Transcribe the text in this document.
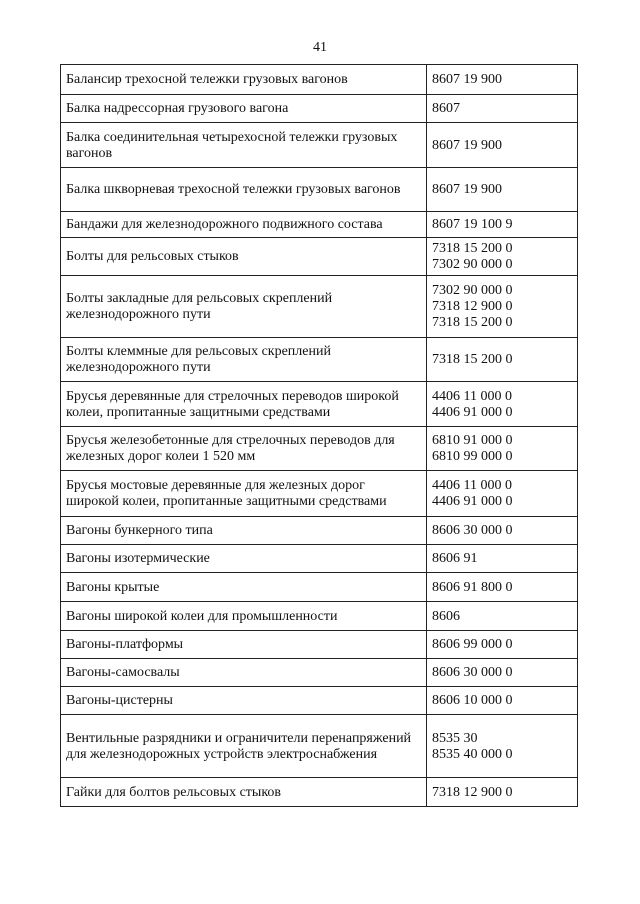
41
Балансир трехосной тележки грузовых вагонов	8607 19 900

Балка надрессорная грузового вагона	8607

Балка соединительная четырехосной тележки грузовых вагонов	8607 19 900

Балка шкворневая трехосной тележки грузовых вагонов	8607 19 900

Бандажи для железнодорожного подвижного состава	8607 19 100 9

Болты для рельсовых стыков	7318 15 200 0
7302 90 000 0

Болты закладные для рельсовых скреплений железнодорожного пути	7302 90 000 0
7318 12 900 0
7318 15 200 0

Болты клеммные для рельсовых скреплений железнодорожного пути	7318 15 200 0

Брусья деревянные для стрелочных переводов широкой колеи, пропитанные защитными средствами	4406 11 000 0
4406 91 000 0

Брусья железобетонные для стрелочных переводов для железных дорог колеи 1 520 мм	6810 91 000 0
6810 99 000 0

Брусья мостовые деревянные для железных дорог широкой колеи, пропитанные защитными средствами	4406 11 000 0
4406 91 000 0

Вагоны бункерного типа	8606 30 000 0

Вагоны изотермические	8606 91

Вагоны крытые	8606 91 800 0

Вагоны широкой колеи для промышленности	8606

Вагоны-платформы	8606 99 000 0

Вагоны-самосвалы	8606 30 000 0

Вагоны-цистерны	8606 10 000 0

Вентильные разрядники и ограничители перенапряжений для железнодорожных устройств электроснабжения	8535 30
8535 40 000 0

Гайки для болтов рельсовых стыков	7318 12 900 0
